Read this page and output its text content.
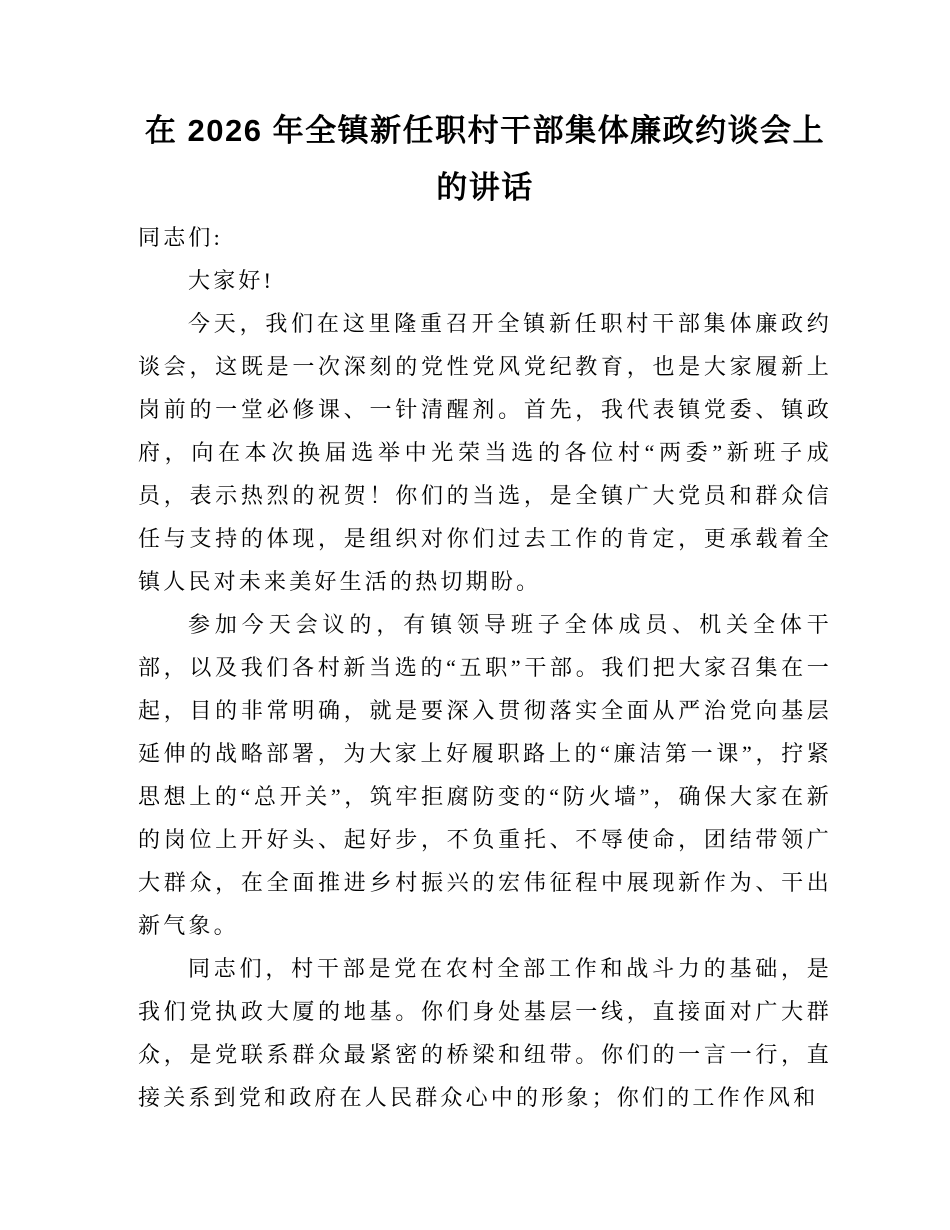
在 2026 年全镇新任职村干部集体廉政约谈会上
的讲话

同志们:

大家好!

今天，我们在这里隆重召开全镇新任职村干部集体廉政约谈会，这既是一次深刻的党性党风党纪教育，也是大家履新上岗前的一堂必修课、一针清醒剂。首先，我代表镇党委、镇政府，向在本次换届选举中光荣当选的各位村“两委”新班子成员，表示热烈的祝贺！你们的当选，是全镇广大党员和群众信任与支持的体现，是组织对你们过去工作的肯定，更承载着全镇人民对未来美好生活的热切期盼。

参加今天会议的，有镇领导班子全体成员、机关全体干部，以及我们各村新当选的“五职”干部。我们把大家召集在一起，目的非常明确，就是要深入贯彻落实全面从严治党向基层延伸的战略部署，为大家上好履职路上的“廉洁第一课”，拧紧思想上的“总开关”，筑牢拒腐防变的“防火墙”，确保大家在新的岗位上开好头、起好步，不负重托、不辱使命，团结带领广大群众，在全面推进乡村振兴的宏伟征程中展现新作为、干出新气象。

同志们，村干部是党在农村全部工作和战斗力的基础，是我们党执政大厦的地基。你们身处基层一线，直接面对广大群众，是党联系群众最紧密的桥梁和纽带。你们的一言一行，直接关系到党和政府在人民群众心中的形象；你们的工作作风和
